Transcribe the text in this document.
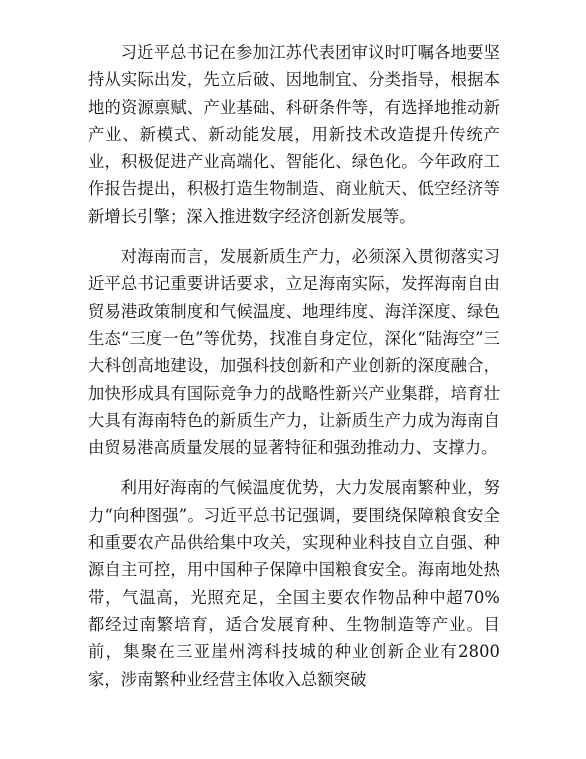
习近平总书记在参加江苏代表团审议时叮嘱各地要坚持从实际出发，先立后破、因地制宜、分类指导，根据本地的资源禀赋、产业基础、科研条件等，有选择地推动新产业、新模式、新动能发展，用新技术改造提升传统产业，积极促进产业高端化、智能化、绿色化。今年政府工作报告提出，积极打造生物制造、商业航天、低空经济等新增长引擎；深入推进数字经济创新发展等。

对海南而言，发展新质生产力，必须深入贯彻落实习近平总书记重要讲话要求，立足海南实际，发挥海南自由贸易港政策制度和气候温度、地理纬度、海洋深度、绿色生态“三度一色”等优势，找准自身定位，深化“陆海空”三大科创高地建设，加强科技创新和产业创新的深度融合，加快形成具有国际竞争力的战略性新兴产业集群，培育壮大具有海南特色的新质生产力，让新质生产力成为海南自由贸易港高质量发展的显著特征和强劲推动力、支撑力。

利用好海南的气候温度优势，大力发展南繁种业，努力“向种图强”。习近平总书记强调，要围绕保障粮食安全和重要农产品供给集中攻关，实现种业科技自立自强、种源自主可控，用中国种子保障中国粮食安全。海南地处热带，气温高，光照充足，全国主要农作物品种中超70%都经过南繁培育，适合发展育种、生物制造等产业。目前，集聚在三亚崖州湾科技城的种业创新企业有2800家，涉南繁种业经营主体收入总额突破
